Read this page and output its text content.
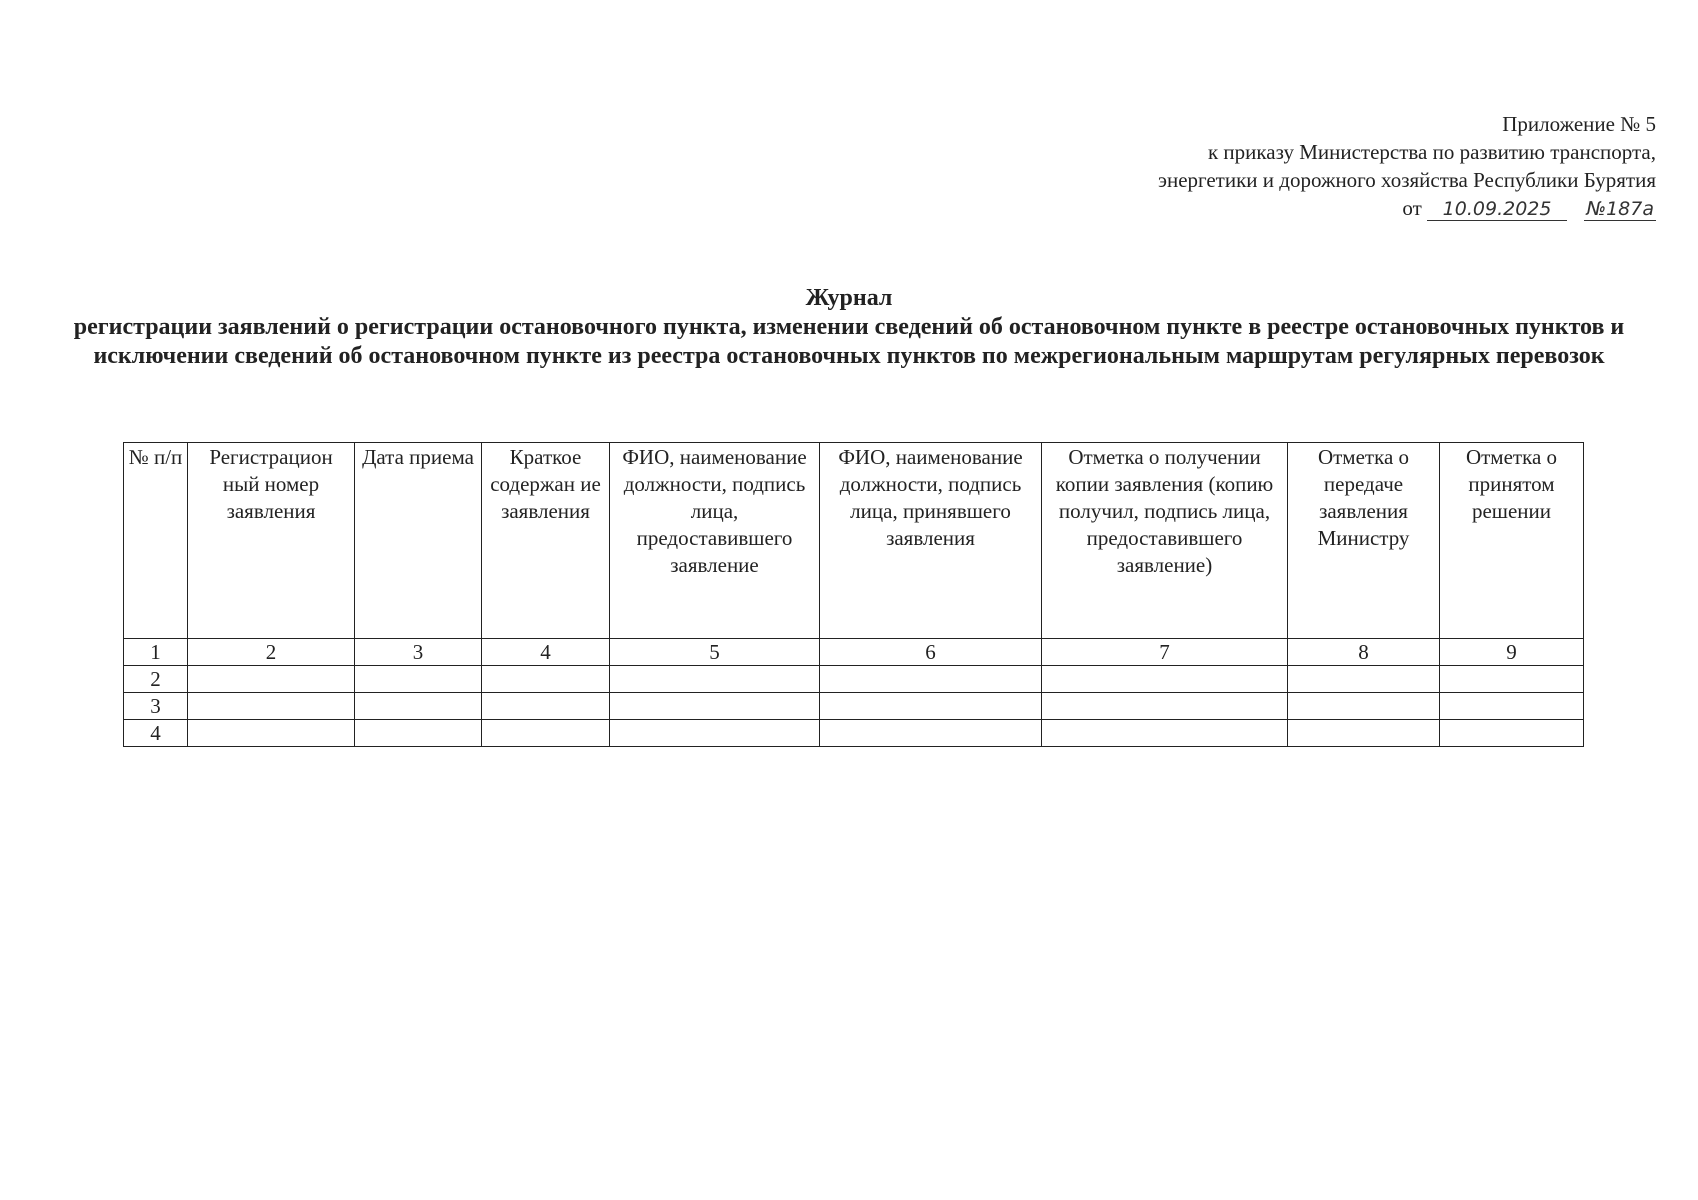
Приложение № 5
к приказу Министерства по развитию транспорта,
энергетики и дорожного хозяйства Республики Бурятия
от 10.09.2025 №187а
Журнал
регистрации заявлений о регистрации остановочного пункта, изменении сведений об остановочном пункте в реестре остановочных пунктов и исключении сведений об остановочном пункте из реестра остановочных пунктов по межрегиональным маршрутам регулярных перевозок
№ п/п	Регистрацион ный номер заявления	Дата приема	Краткое содержан ие заявления	ФИО, наименование должности, подпись лица, предоставившего заявление	ФИО, наименование должности, подпись лица, принявшего заявления	Отметка о получении копии заявления (копию получил, подпись лица, предоставившего заявление)	Отметка о передаче заявления Министру	Отметка о принятом решении
1	2	3	4	5	6	7	8	9
2								
3								
4								
